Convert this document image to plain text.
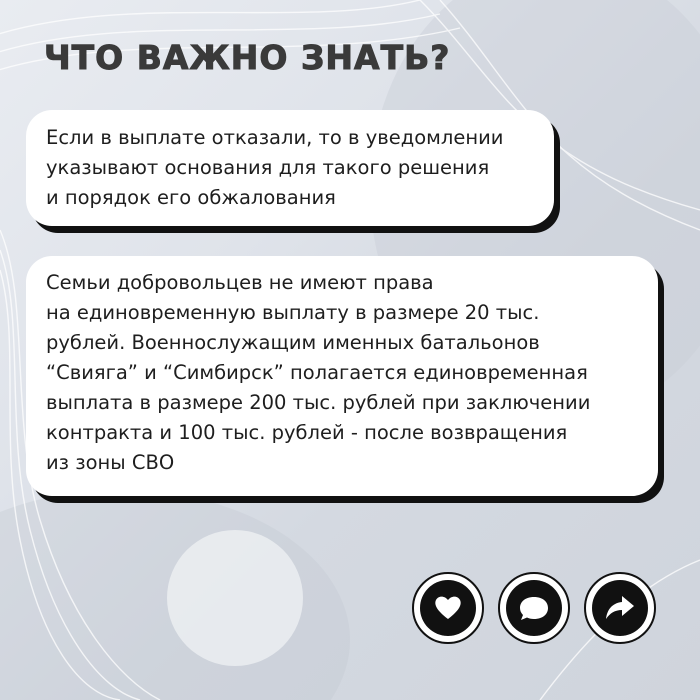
ЧТО ВАЖНО ЗНАТЬ?

Если в выплате отказали, то в уведомлении
указывают основания для такого решения
и порядок его обжалования

Семьи добровольцев не имеют права
на единовременную выплату в размере 20 тыс.
рублей. Военнослужащим именных батальонов
“Свияга” и “Симбирск” полагается единовременная
выплата в размере 200 тыс. рублей при заключении
контракта и 100 тыс. рублей - после возвращения
из зоны СВО
